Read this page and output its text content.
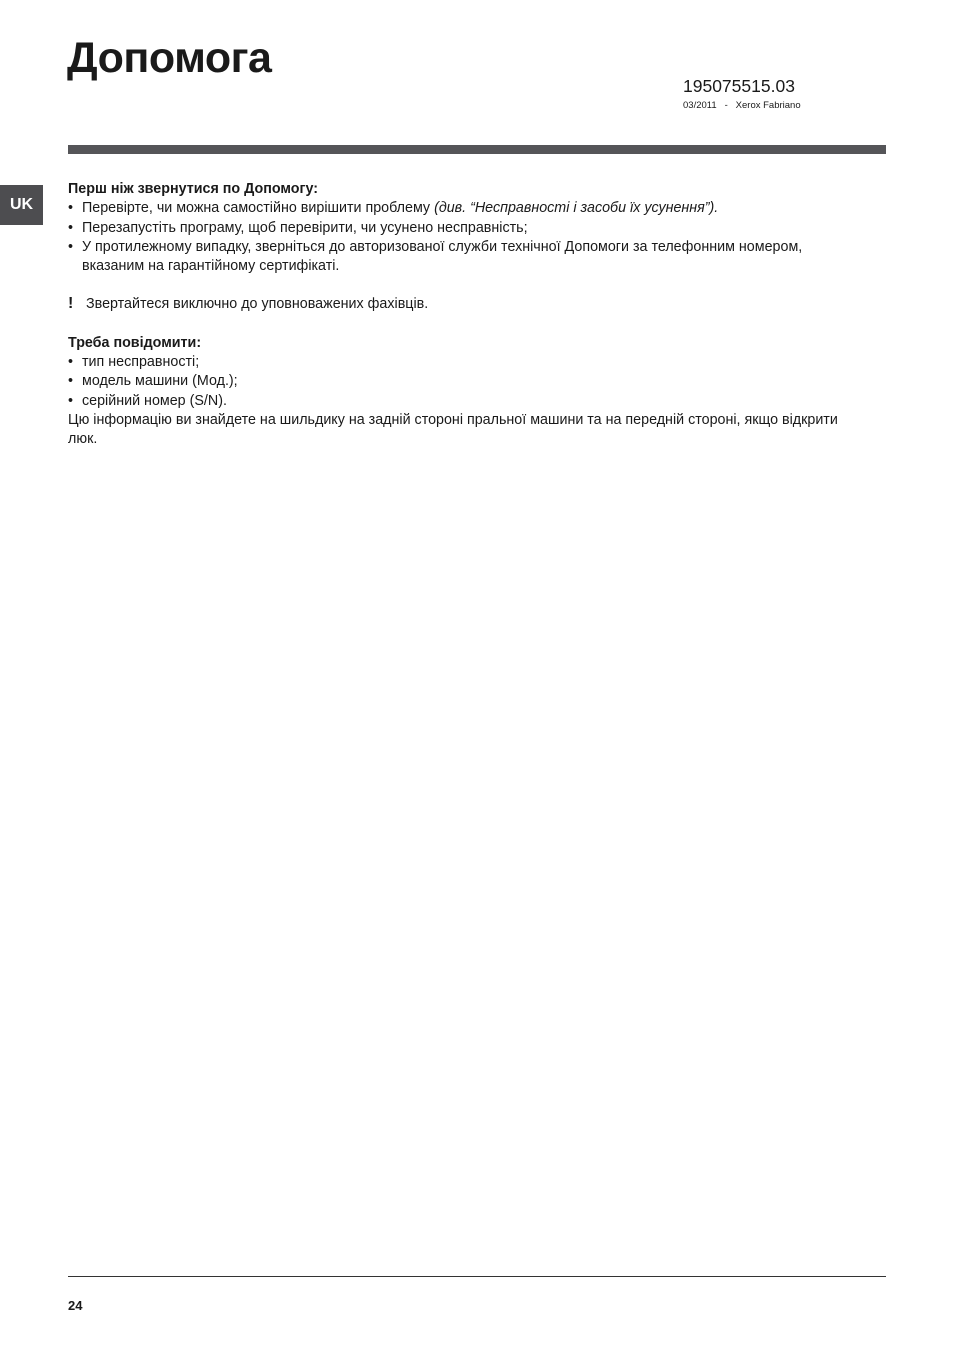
Допомога
195075515.03
03/2011 - Xerox Fabriano
UK

Перш ніж звернутися по Допомогу:

• Перевірте, чи можна самостійно вирішити проблему (див. “Несправності і засоби їх усунення”).
• Перезапустіть програму, щоб перевірити, чи усунено несправність;
• У протилежному випадку, зверніться до авторизованої служби технічної Допомоги за телефонним номером, вказаним на гарантійному сертифікаті.
! Звертайтеся виключно до уповноважених фахівців.

Треба повідомити:

• тип несправності;
• модель машини (Мод.);
• серійний номер (S/N).
Цю інформацію ви знайдете на шильдику на задній стороні пральної машини та на передній стороні, якщо відкрити люк.
24
